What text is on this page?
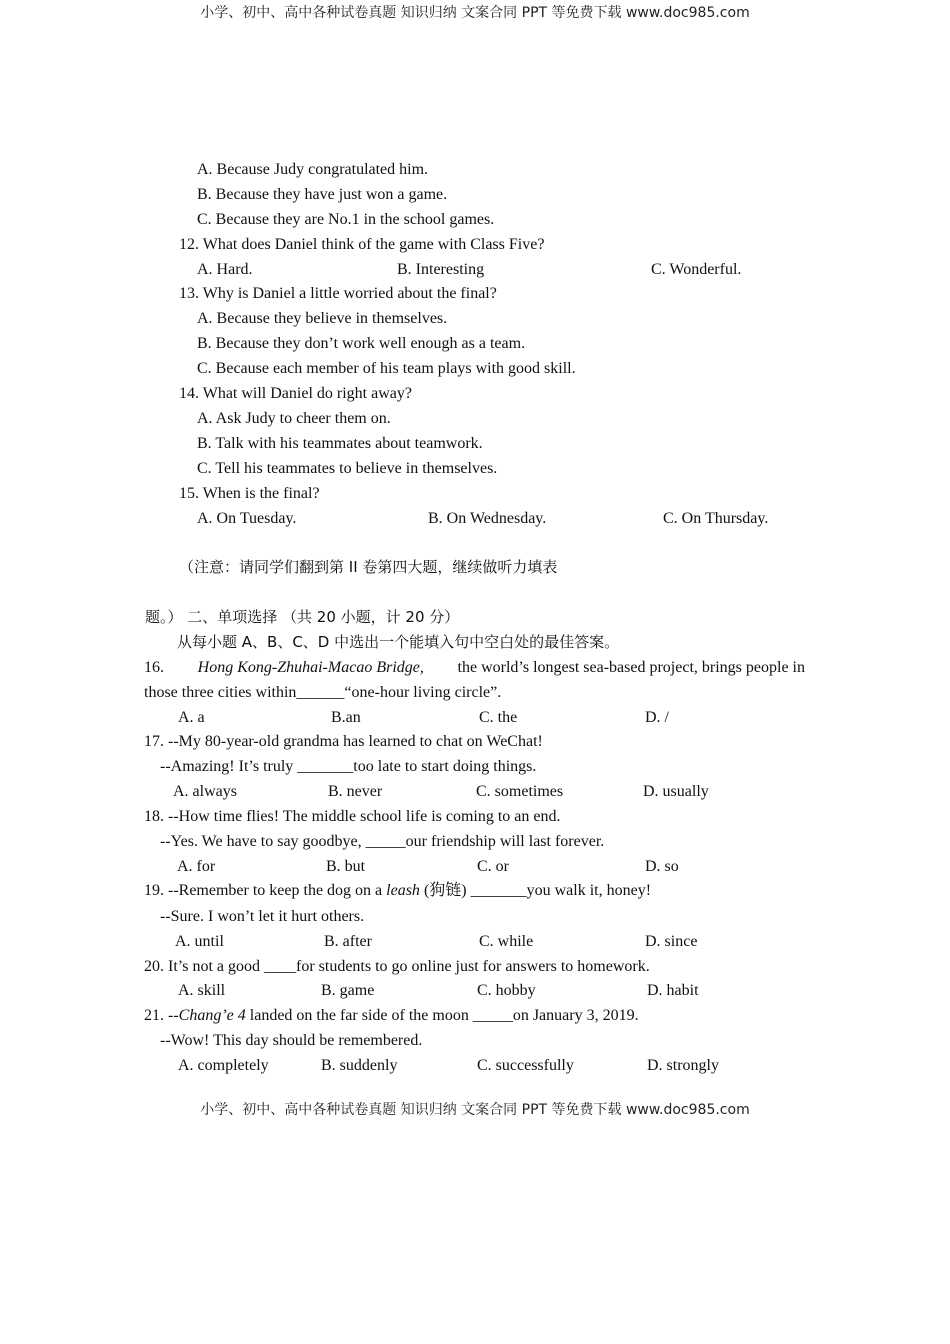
小学、初中、高中各种试卷真题 知识归纳 文案合同 PPT 等免费下载 www.doc985.com
A. Because Judy congratulated him.
B. Because they have just won a game.
C. Because they are No.1 in the school games.
12. What does Daniel think of the game with Class Five?
A. Hard.	B. Interesting	C. Wonderful.
13. Why is Daniel a little worried about the final?
A. Because they believe in themselves.
B. Because they don’t work well enough as a team.
C. Because each member of his team plays with good skill.
14. What will Daniel do right away?
A. Ask Judy to cheer them on.
B. Talk with his teammates about teamwork.
C. Tell his teammates to believe in themselves.
15. When is the final?
A. On Tuesday.	B. On Wednesday.	C. On Thursday.
（注意：请同学们翻到第 II 卷第四大题，继续做听力填表
题。） 二、单项选择 （共 20 小题，计 20 分）
从每小题 A、B、C、D 中选出一个能填入句中空白处的最佳答案。
16. Hong Kong-Zhuhai-Macao Bridge, the world’s longest sea-based project, brings people in
those three cities within______“one-hour living circle”.
A. a	B.an	C. the	D. /
17. --My 80-year-old grandma has learned to chat on WeChat!
--Amazing! It’s truly _______too late to start doing things.
A. always	B. never	C. sometimes	D. usually
18. --How time flies! The middle school life is coming to an end.
--Yes. We have to say goodbye, _____our friendship will last forever.
A. for	B. but	C. or	D. so
19. --Remember to keep the dog on a leash (狗链) _______you walk it, honey!
--Sure. I won’t let it hurt others.
A. until	B. after	C. while	D. since
20. It’s not a good ____for students to go online just for answers to homework.
A. skill	B. game	C. hobby	D. habit
21. --Chang’e 4 landed on the far side of the moon _____on January 3, 2019.
--Wow! This day should be remembered.
A. completely	B. suddenly	C. successfully	D. strongly
小学、初中、高中各种试卷真题 知识归纳 文案合同 PPT 等免费下载 www.doc985.com
